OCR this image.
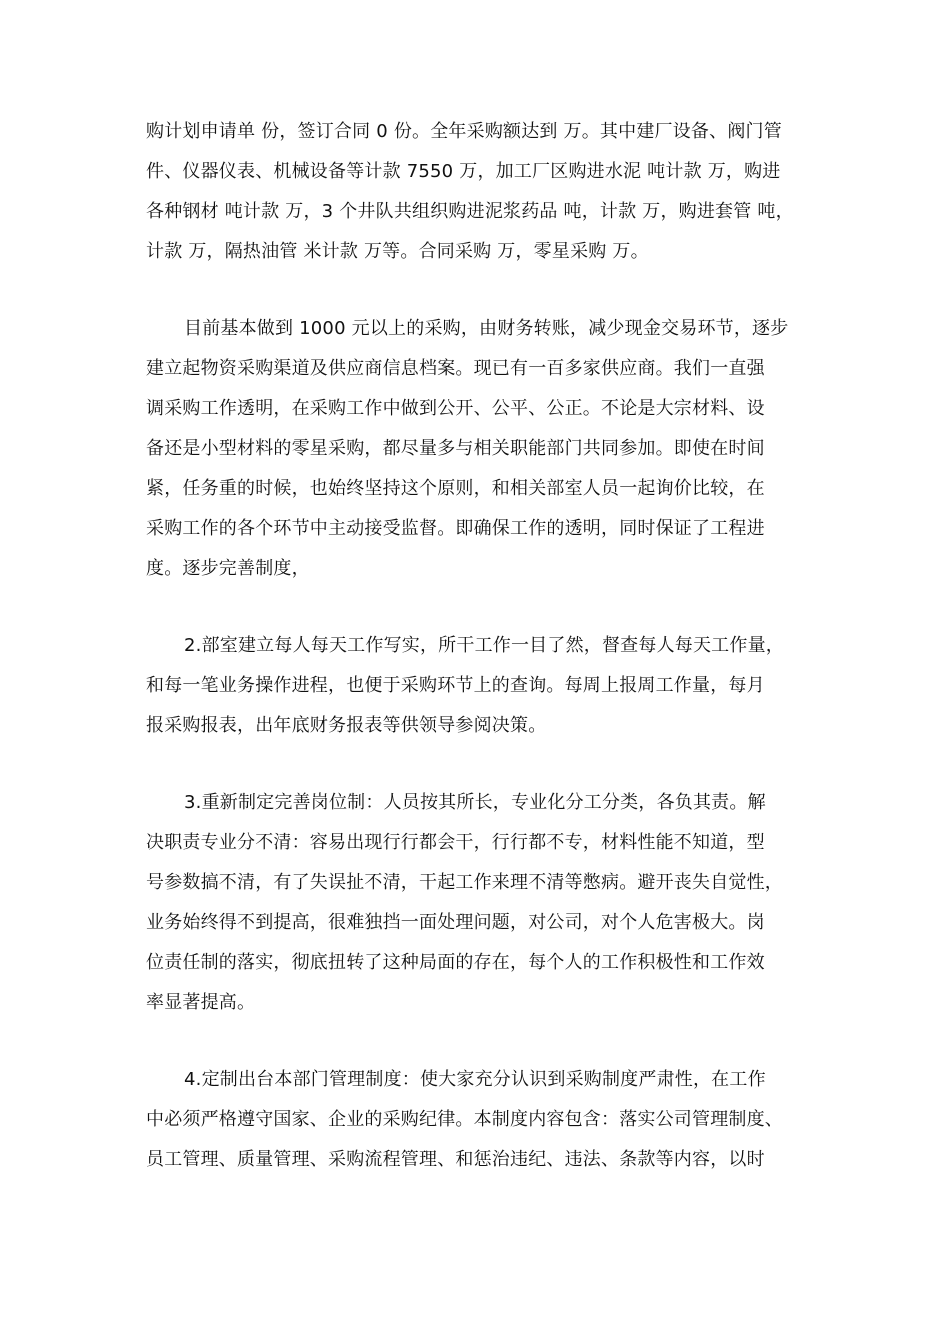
购计划申请单 份，签订合同 0 份。全年采购额达到 万。其中建厂设备、阀门管
件、仪器仪表、机械设备等计款 7550 万，加工厂区购进水泥 吨计款 万，购进
各种钢材 吨计款 万，3 个井队共组织购进泥浆药品 吨，计款 万，购进套管 吨，
计款 万，隔热油管 米计款 万等。合同采购 万，零星采购 万。

目前基本做到 1000 元以上的采购，由财务转账，减少现金交易环节，逐步
建立起物资采购渠道及供应商信息档案。现已有一百多家供应商。我们一直强
调采购工作透明，在采购工作中做到公开、公平、公正。不论是大宗材料、设
备还是小型材料的零星采购，都尽量多与相关职能部门共同参加。即使在时间
紧，任务重的时候，也始终坚持这个原则，和相关部室人员一起询价比较，在
采购工作的各个环节中主动接受监督。即确保工作的透明，同时保证了工程进
度。逐步完善制度，

2.部室建立每人每天工作写实，所干工作一目了然，督查每人每天工作量，
和每一笔业务操作进程，也便于采购环节上的查询。每周上报周工作量，每月
报采购报表，出年底财务报表等供领导参阅决策。

3.重新制定完善岗位制：人员按其所长，专业化分工分类，各负其责。解
决职责专业分不清：容易出现行行都会干，行行都不专，材料性能不知道，型
号参数搞不清，有了失误扯不清，干起工作来理不清等憋病。避开丧失自觉性，
业务始终得不到提高，很难独挡一面处理问题，对公司，对个人危害极大。岗
位责任制的落实，彻底扭转了这种局面的存在，每个人的工作积极性和工作效
率显著提高。

4.定制出台本部门管理制度：使大家充分认识到采购制度严肃性，在工作
中必须严格遵守国家、企业的采购纪律。本制度内容包含：落实公司管理制度、
员工管理、质量管理、采购流程管理、和惩治违纪、违法、条款等内容，以时
